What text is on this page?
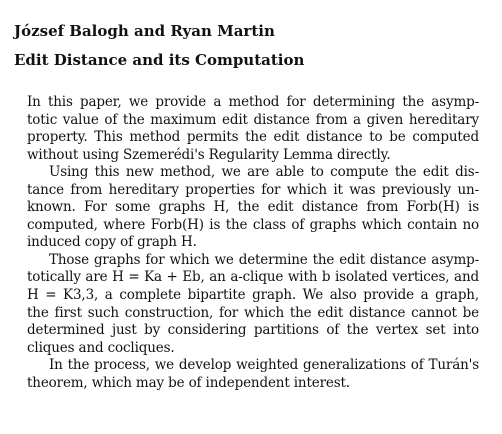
József Balogh and Ryan Martin
Edit Distance and its Computation
In this paper, we provide a method for determining the asymp-
totic value of the maximum edit distance from a given hereditary
property. This method permits the edit distance to be computed
without using Szemerédi's Regularity Lemma directly.
Using this new method, we are able to compute the edit dis-
tance from hereditary properties for which it was previously un-
known. For some graphs H, the edit distance from Forb(H) is
computed, where Forb(H) is the class of graphs which contain no
induced copy of graph H.
Those graphs for which we determine the edit distance asymp-
totically are H = Ka + Eb, an a-clique with b isolated vertices, and
H = K3,3, a complete bipartite graph. We also provide a graph,
the first such construction, for which the edit distance cannot be
determined just by considering partitions of the vertex set into
cliques and cocliques.
In the process, we develop weighted generalizations of Turán's
theorem, which may be of independent interest.
